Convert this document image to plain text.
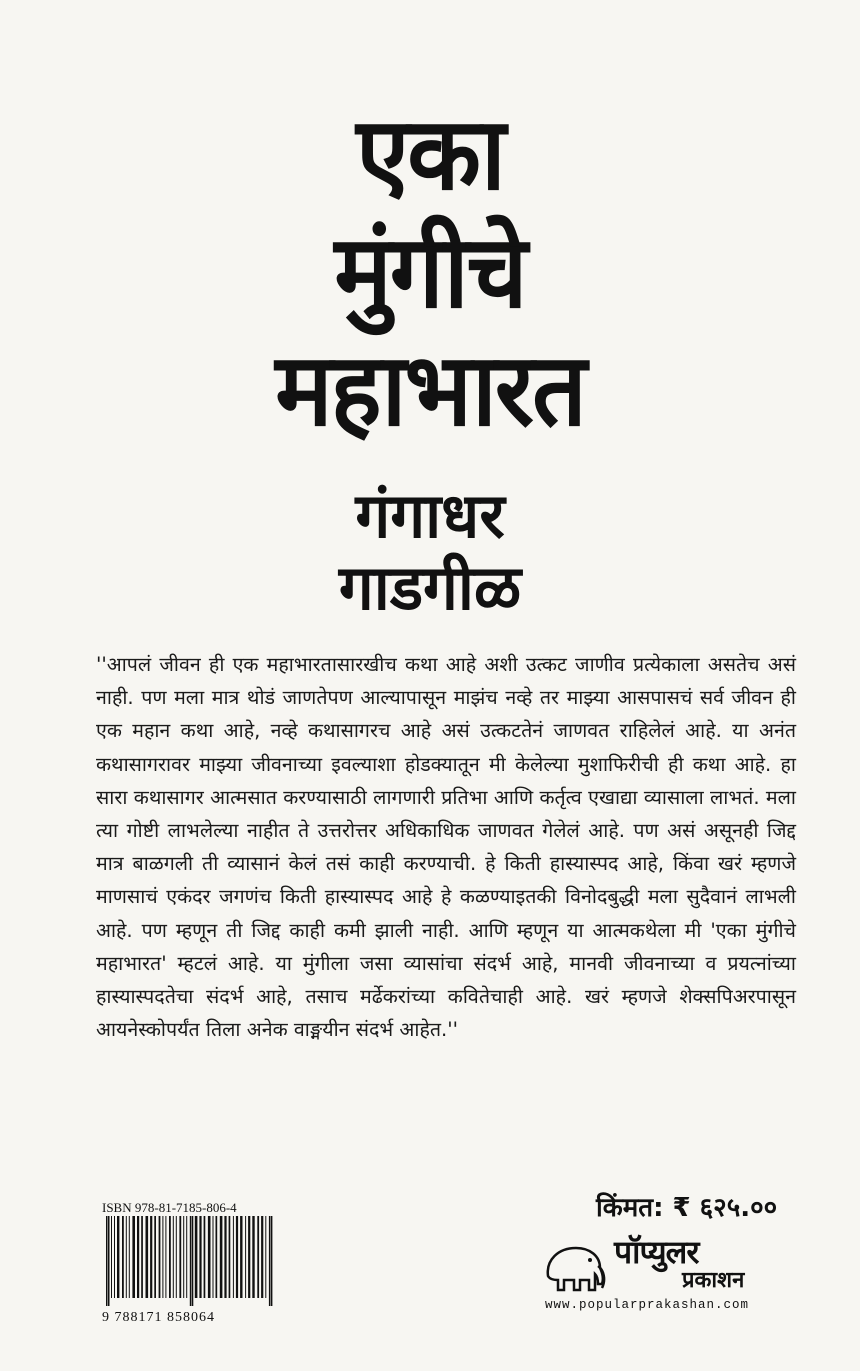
एका
मुंगीचे
महाभारत
गंगाधर
गाडगीळ
''आपलं जीवन ही एक महाभारतासारखीच कथा आहे अशी उत्कट जाणीव प्रत्येकाला असतेच असं नाही. पण मला मात्र थोडं जाणतेपण आल्यापासून माझंच नव्हे तर माझ्या आसपासचं सर्व जीवन ही एक महान कथा आहे, नव्हे कथासागरच आहे असं उत्कटतेनं जाणवत राहिलेलं आहे. या अनंत कथासागरावर माझ्या जीवनाच्या इवल्याशा होडक्यातून मी केलेल्या मुशाफिरीची ही कथा आहे. हा सारा कथासागर आत्मसात करण्यासाठी लागणारी प्रतिभा आणि कर्तृत्व एखाद्या व्यासाला लाभतं. मला त्या गोष्टी लाभलेल्या नाहीत ते उत्तरोत्तर अधिकाधिक जाणवत गेलेलं आहे. पण असं असूनही जिद्द मात्र बाळगली ती व्यासानं केलं तसं काही करण्याची. हे किती हास्यास्पद आहे, किंवा खरं म्हणजे माणसाचं एकंदर जगणंच किती हास्यास्पद आहे हे कळण्याइतकी विनोदबुद्धी मला सुदैवानं लाभली आहे. पण म्हणून ती जिद्द काही कमी झाली नाही. आणि म्हणून या आत्मकथेला मी 'एका मुंगीचे महाभारत' म्हटलं आहे. या मुंगीला जसा व्यासांचा संदर्भ आहे, मानवी जीवनाच्या व प्रयत्नांच्या हास्यास्पदतेचा संदर्भ आहे, तसाच मर्ढेकरांच्या कवितेचाही आहे. खरं म्हणजे शेक्सपिअरपासून आयनेस्कोपर्यंत तिला अनेक वाङ्मयीन संदर्भ आहेत.''
ISBN 978-81-7185-806-4
9 788171 858064
किंमत: ₹ ६२५.००
पॉप्युलर
प्रकाशन
www.popularprakashan.com
